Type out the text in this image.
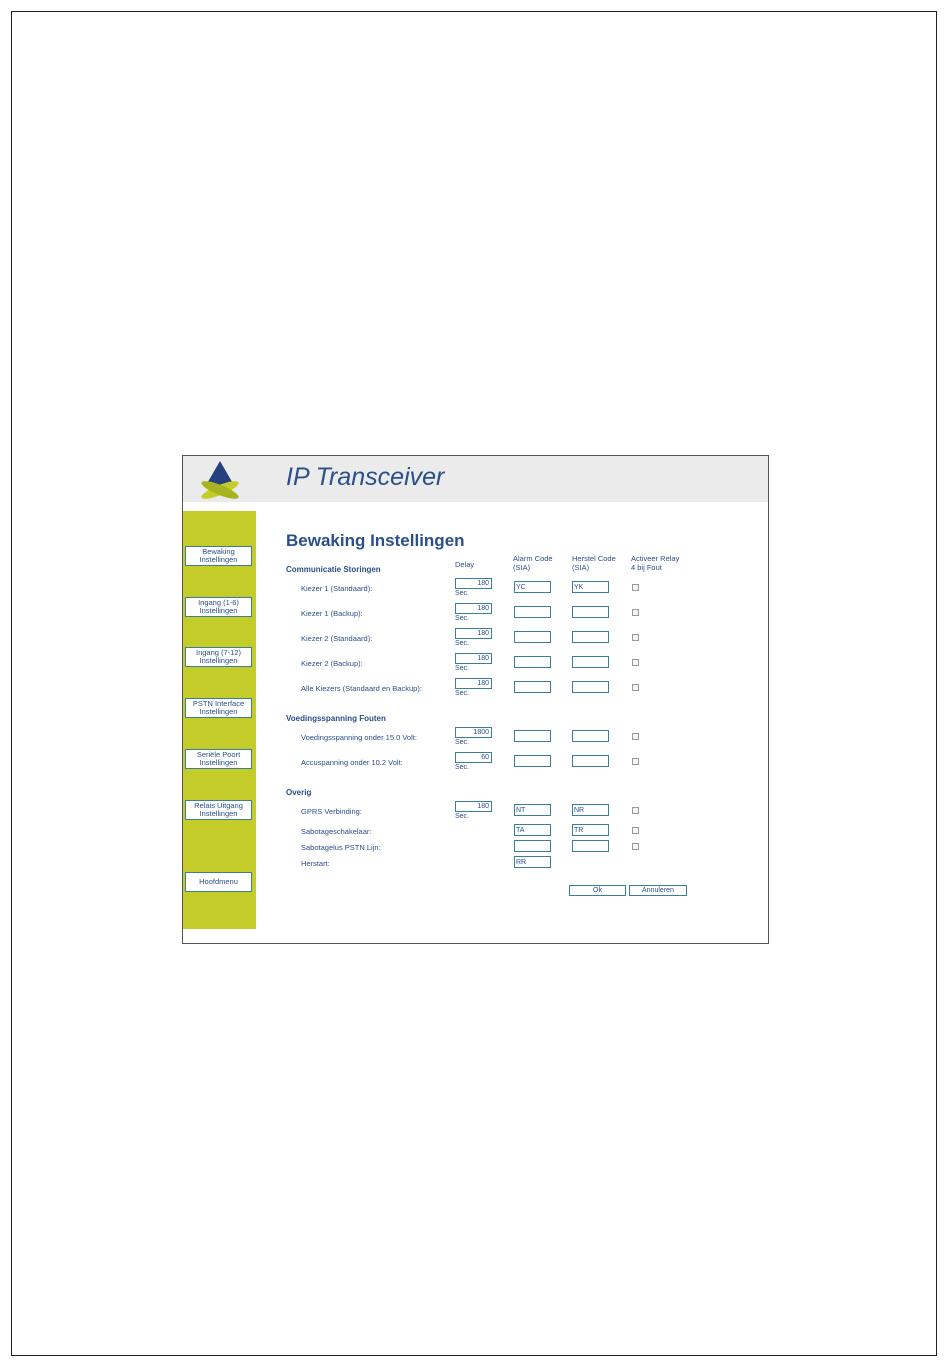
IP Transceiver
Bewaking
Instellingen
Ingang (1-6)
Instellingen
Ingang (7-12)
Instellingen
PSTN Interface
Instellingen
Seriële Poort
Instellingen
Relais Uitgang
Instellingen
Hoofdmenu
Bewaking Instellingen
Communicatie Storingen
Delay
Alarm Code
(SIA)
Herstel Code
(SIA)
Activeer Relay
4 bij Fout
Kiezer 1 (Standaard):
180
Sec.
YC
YK
Kiezer 1 (Backup):
180
Sec.
Kiezer 2 (Standaard):
180
Sec.
Kiezer 2 (Backup):
180
Sec.
Alle Kiezers (Standaard en Backup):
180
Sec.
Voedingsspanning Fouten
Voedingsspanning onder 15.0 Volt:
1800
Sec.
Accuspanning onder 10.2 Volt:
60
Sec.
Overig
GPRS Verbinding:
180
Sec.
NT
NR
Sabotageschakelaar:
TA
TR
Sabotagelus PSTN Lijn:
Herstart:
RR
Ok	Annuleren
